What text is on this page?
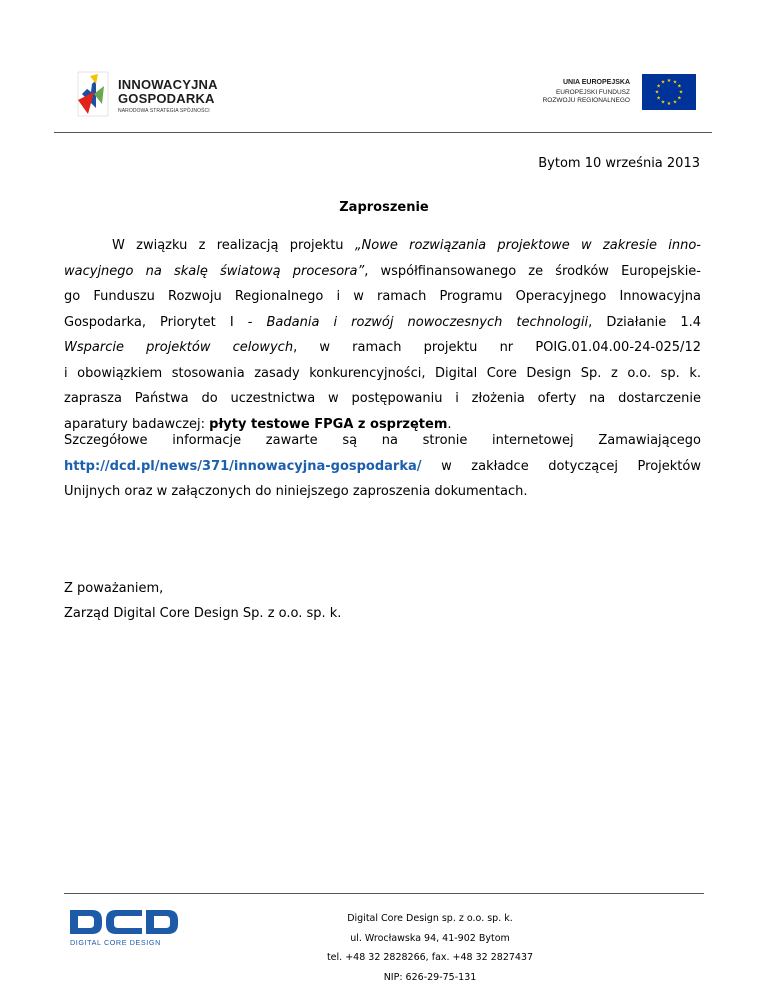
INNOWACYJNA
GOSPODARKA
NARODOWA STRATEGIA SPÓJNOŚCI
UNIA EUROPEJSKA
EUROPEJSKI FUNDUSZ
ROZWOJU REGIONALNEGO
★ ★
★
★
★
★
★
★
★
★
★
★
Bytom 10 września 2013
Zaproszenie
W związku z realizacją projektu „Nowe rozwiązania projektowe w zakresie inno-
wacyjnego na skalę światową procesora”, współfinansowanego ze środków Europejskie-
go Funduszu Rozwoju Regionalnego i w ramach Programu Operacyjnego Innowacyjna
Gospodarka, Priorytet I - Badania i rozwój nowoczesnych technologii, Działanie 1.4
Wsparcie projektów celowych, w ramach projektu nr POIG.01.04.00-24-025/12
i obowiązkiem stosowania zasady konkurencyjności, Digital Core Design Sp. z o.o. sp. k.
zaprasza Państwa do uczestnictwa w postępowaniu i złożenia oferty na dostarczenie
aparatury badawczej: płyty testowe FPGA z osprzętem.
Szczegółowe informacje zawarte są na stronie internetowej Zamawiającego
http://dcd.pl/news/371/innowacyjna-gospodarka/ w zakładce dotyczącej Projektów
Unijnych oraz w załączonych do niniejszego zaproszenia dokumentach.
Z poważaniem,
Zarząd Digital Core Design Sp. z o.o. sp. k.
DIGITAL CORE DESIGN
Digital Core Design sp. z o.o. sp. k.
ul. Wrocławska 94, 41-902 Bytom
tel. +48 32 2828266, fax. +48 32 2827437
NIP: 626-29-75-131
